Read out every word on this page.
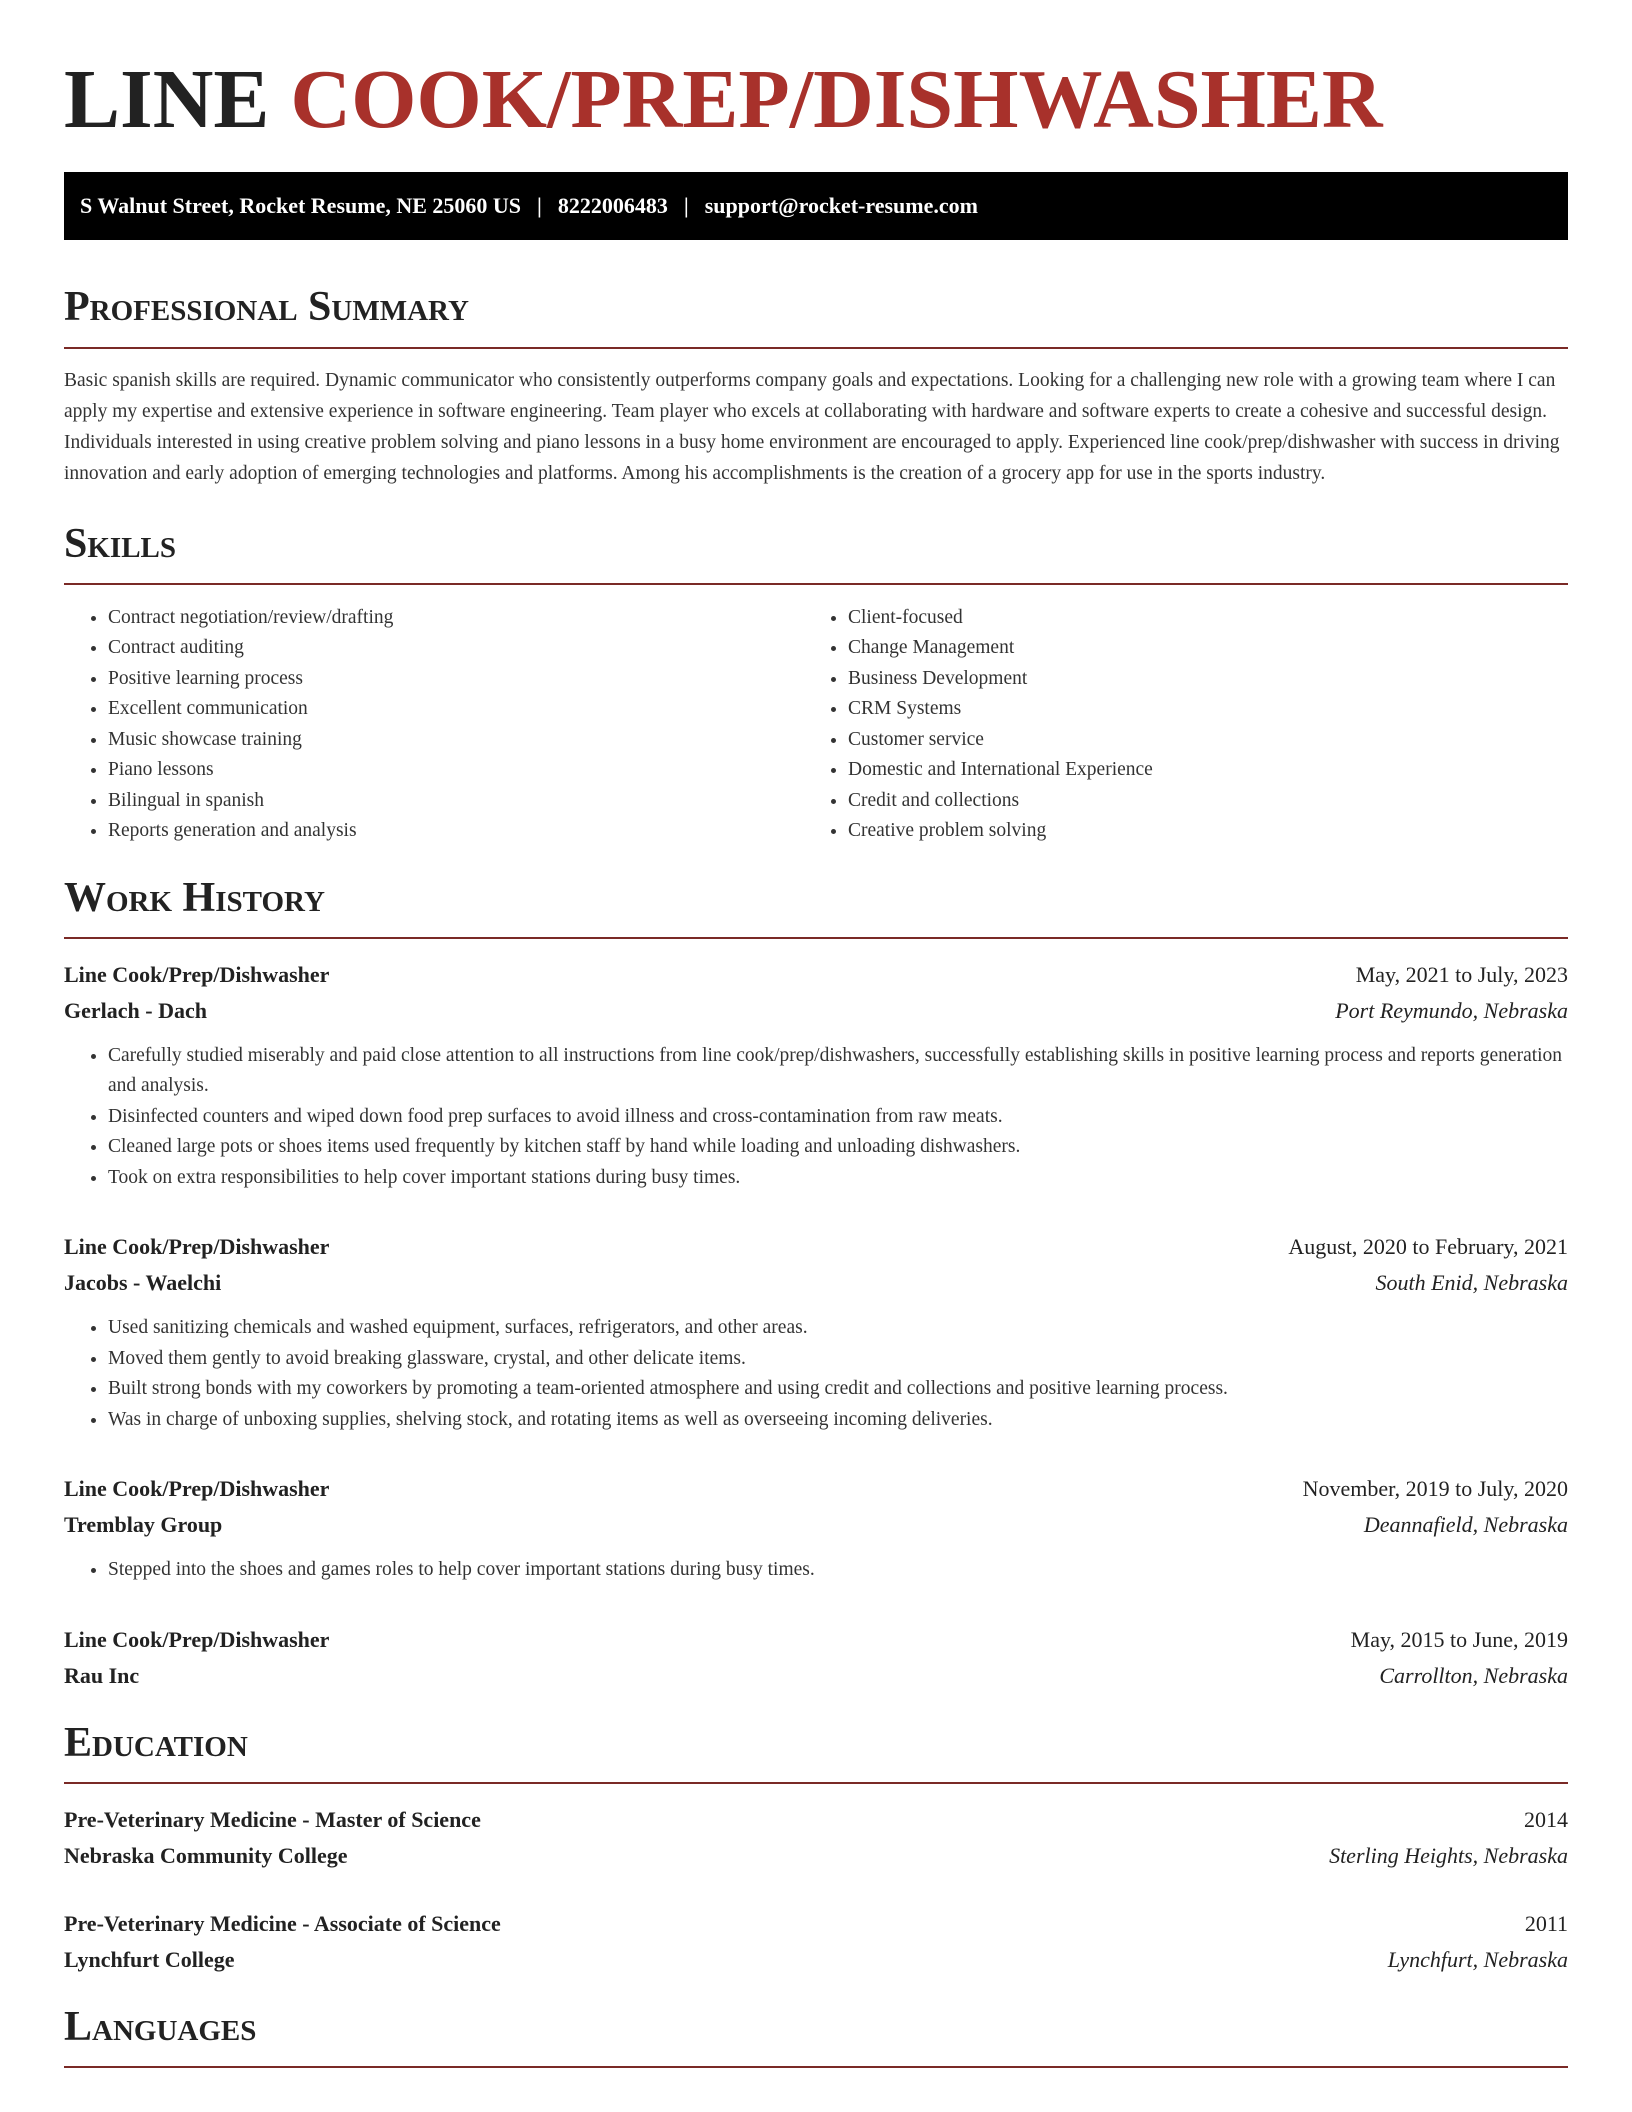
LINE COOK/PREP/DISHWASHER
S Walnut Street, Rocket Resume, NE 25060 US | 8222006483 | support@rocket-resume.com
Professional Summary

Basic spanish skills are required. Dynamic communicator who consistently outperforms company goals and expectations. Looking for a challenging new role with a growing team where I can apply my expertise and extensive experience in software engineering. Team player who excels at collaborating with hardware and software experts to create a cohesive and successful design. Individuals interested in using creative problem solving and piano lessons in a busy home environment are encouraged to apply. Experienced line cook/prep/dishwasher with success in driving innovation and early adoption of emerging technologies and platforms. Among his accomplishments is the creation of a grocery app for use in the sports industry.

Skills
• Contract negotiation/review/drafting
• Contract auditing
• Positive learning process
• Excellent communication
• Music showcase training
• Piano lessons
• Bilingual in spanish
• Reports generation and analysis
• Client-focused
• Change Management
• Business Development
• CRM Systems
• Customer service
• Domestic and International Experience
• Credit and collections
• Creative problem solving
Work History
Line Cook/Prep/Dishwasher	May, 2021 to July, 2023
Gerlach - Dach	Port Reymundo, Nebraska
• Carefully studied miserably and paid close attention to all instructions from line cook/prep/dishwashers, successfully establishing skills in positive learning process and reports generation and analysis.
• Disinfected counters and wiped down food prep surfaces to avoid illness and cross-contamination from raw meats.
• Cleaned large pots or shoes items used frequently by kitchen staff by hand while loading and unloading dishwashers.
• Took on extra responsibilities to help cover important stations during busy times.
Line Cook/Prep/Dishwasher	August, 2020 to February, 2021
Jacobs - Waelchi	South Enid, Nebraska
• Used sanitizing chemicals and washed equipment, surfaces, refrigerators, and other areas.
• Moved them gently to avoid breaking glassware, crystal, and other delicate items.
• Built strong bonds with my coworkers by promoting a team-oriented atmosphere and using credit and collections and positive learning process.
• Was in charge of unboxing supplies, shelving stock, and rotating items as well as overseeing incoming deliveries.
Line Cook/Prep/Dishwasher	November, 2019 to July, 2020
Tremblay Group	Deannafield, Nebraska
• Stepped into the shoes and games roles to help cover important stations during busy times.
Line Cook/Prep/Dishwasher	May, 2015 to June, 2019
Rau Inc	Carrollton, Nebraska
Education
Pre-Veterinary Medicine - Master of Science	2014
Nebraska Community College	Sterling Heights, Nebraska
Pre-Veterinary Medicine - Associate of Science	2011
Lynchfurt College	Lynchfurt, Nebraska
Languages
